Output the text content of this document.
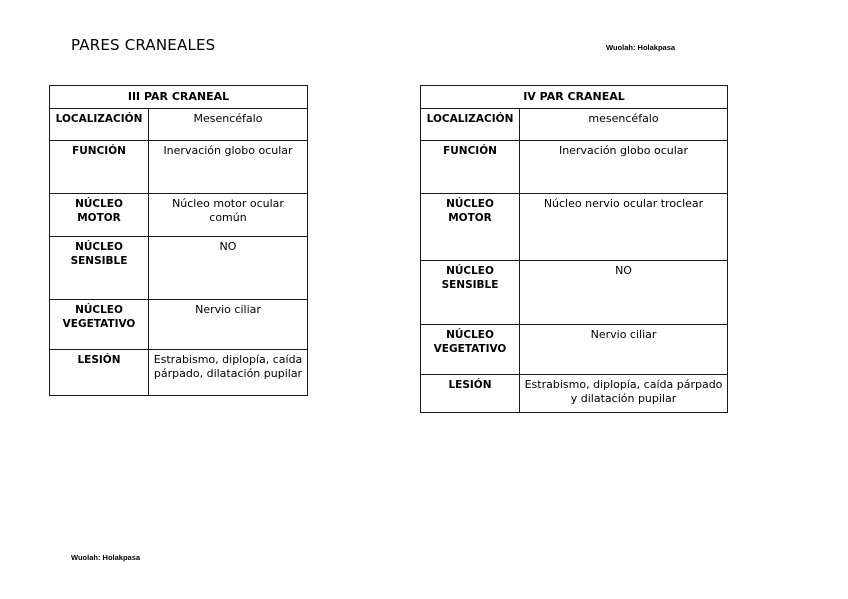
PARES CRANEALES	Wuolah: Holakpasa
III PAR CRANEAL	
LOCALIZACIÓN	Mesencéfalo
FUNCIÓN	Inervación globo ocular
NÚCLEO MOTOR	Núcleo motor ocular común
NÚCLEO SENSIBLE	NO
NÚCLEO VEGETATIVO	Nervio ciliar
LESIÓN	Estrabismo, diplopía, caída párpado, dilatación pupilar
IV PAR CRANEAL	
LOCALIZACIÓN	mesencéfalo
FUNCIÓN	Inervación globo ocular
NÚCLEO MOTOR	Núcleo nervio ocular troclear
NÚCLEO SENSIBLE	NO
NÚCLEO VEGETATIVO	Nervio ciliar
LESIÓN	Estrabismo, diplopía, caída párpado y dilatación pupilar
Wuolah: Holakpasa
